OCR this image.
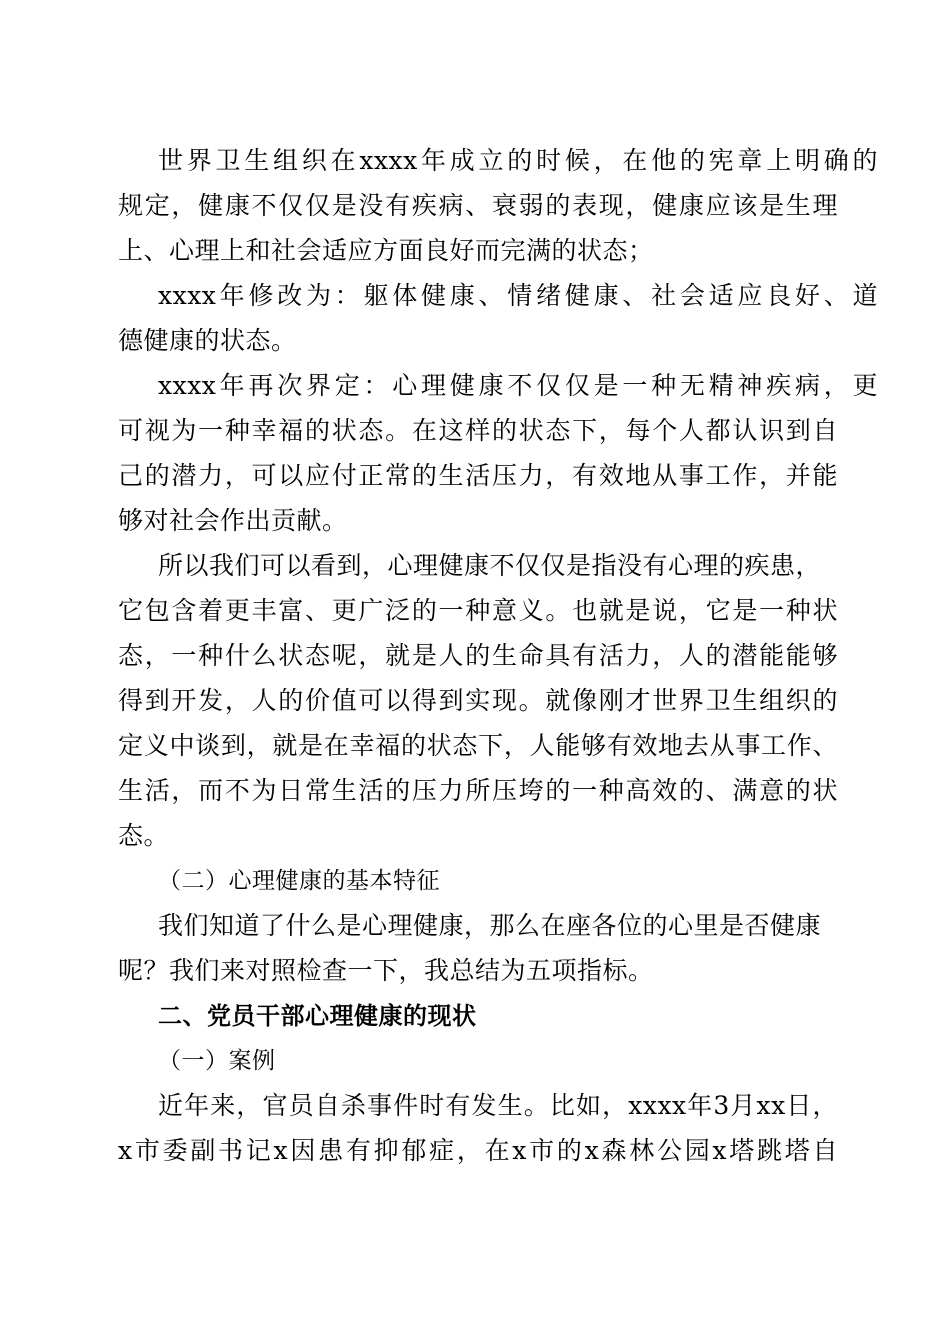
世界卫生组织在xxxx年成立的时候，在他的宪章上明确的
规定，健康不仅仅是没有疾病、衰弱的表现，健康应该是生理
上、心理上和社会适应方面良好而完满的状态；
xxxx年修改为：躯体健康、情绪健康、社会适应良好、道
德健康的状态。
xxxx年再次界定：心理健康不仅仅是一种无精神疾病，更
可视为一种幸福的状态。在这样的状态下，每个人都认识到自
己的潜力，可以应付正常的生活压力，有效地从事工作，并能
够对社会作出贡献。
所以我们可以看到，心理健康不仅仅是指没有心理的疾患，
它包含着更丰富、更广泛的一种意义。也就是说，它是一种状
态，一种什么状态呢，就是人的生命具有活力，人的潜能能够
得到开发，人的价值可以得到实现。就像刚才世界卫生组织的
定义中谈到，就是在幸福的状态下，人能够有效地去从事工作、
生活，而不为日常生活的压力所压垮的一种高效的、满意的状
态。
（二）心理健康的基本特征
我们知道了什么是心理健康，那么在座各位的心里是否健康
呢？我们来对照检查一下，我总结为五项指标。
二、党员干部心理健康的现状
（一）案例
近年来，官员自杀事件时有发生。比如，xxxx年3月xx日，
x市委副书记x因患有抑郁症，在x市的x森林公园x塔跳塔自
